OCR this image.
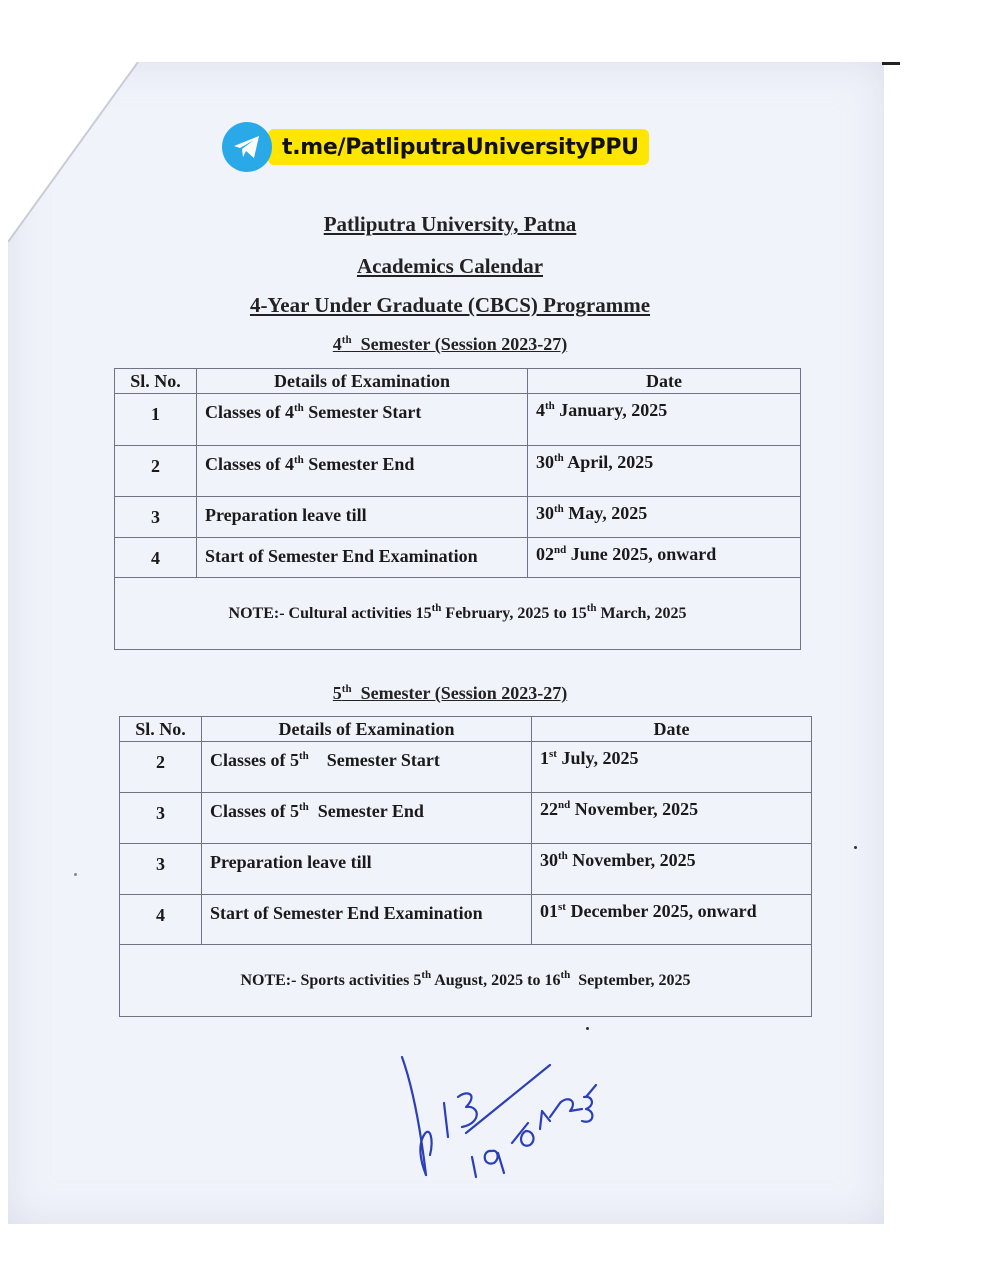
t.me/PatliputraUniversityPPU
Patliputra University, Patna
Academics Calendar
4-Year Under Graduate (CBCS) Programme
4th Semester (Session 2023-27)
Sl. No.	Details of Examination	Date
1	Classes of 4th Semester Start	4th January, 2025
2	Classes of 4th Semester End	30th April, 2025
3	Preparation leave till	30th May, 2025
4	Start of Semester End Examination	02nd June 2025, onward
NOTE:- Cultural activities 15th February, 2025 to 15th March, 2025		
5th Semester (Session 2023-27)
Sl. No.	Details of Examination	Date
2	Classes of 5th    Semester Start	1st July, 2025
3	Classes of 5th  Semester End	22nd November, 2025
3	Preparation leave till	30th November, 2025
4	Start of Semester End Examination	01st December 2025, onward
NOTE:- Sports activities 5th August, 2025 to 16th  September, 2025		
